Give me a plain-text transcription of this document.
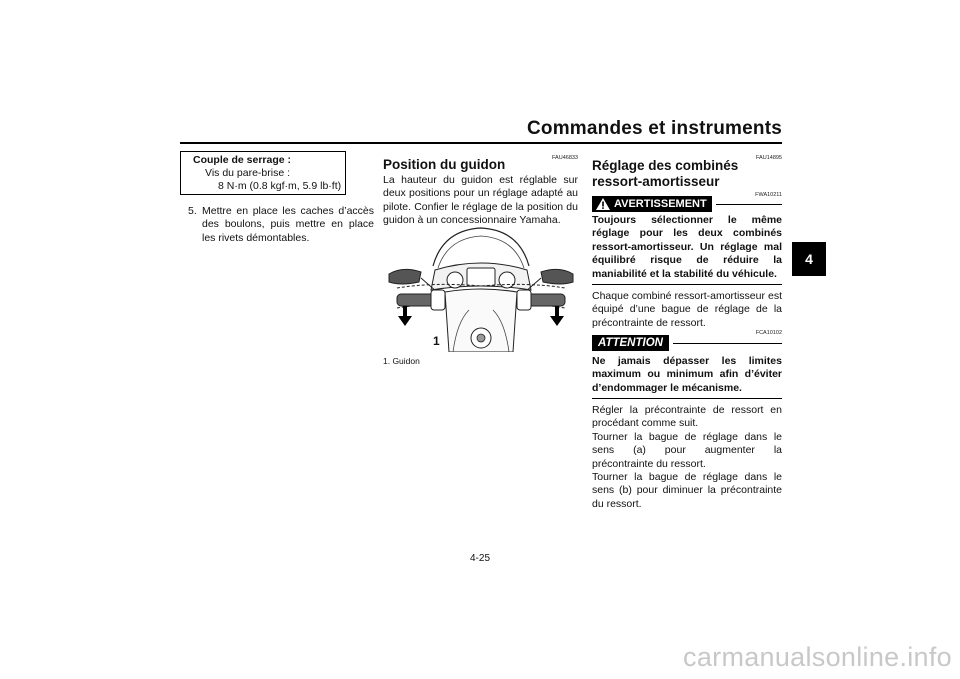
Commandes et instruments
4
Couple de serrage :
Vis du pare-brise :
8 N·m (0.8 kgf·m, 5.9 lb·ft)
5. Mettre en place les caches d’accès des boulons, puis mettre en place les rivets démontables.
FAU46833
Position du guidon
La hauteur du guidon est réglable sur deux positions pour un réglage adapté au pilote. Confier le réglage de la position du guidon à un concessionnaire Yamaha.
1
1. Guidon
FAU14895
Réglage des combinés ressort-amortisseur
FWA10211
AVERTISSEMENT
Toujours sélectionner le même réglage pour les deux combinés ressort-amortisseur. Un réglage mal équilibré risque de réduire la maniabilité et la stabilité du véhicule.
Chaque combiné ressort-amortisseur est équipé d’une bague de réglage de la précontrainte de ressort.
FCA10102
ATTENTION
Ne jamais dépasser les limites maximum ou minimum afin d’éviter d’endommager le mécanisme.
Régler la précontrainte de ressort en procédant comme suit.
Tourner la bague de réglage dans le sens (a) pour augmenter la précontrainte du ressort.
Tourner la bague de réglage dans le sens (b) pour diminuer la précontrainte du ressort.
4-25
carmanualsonline.info
